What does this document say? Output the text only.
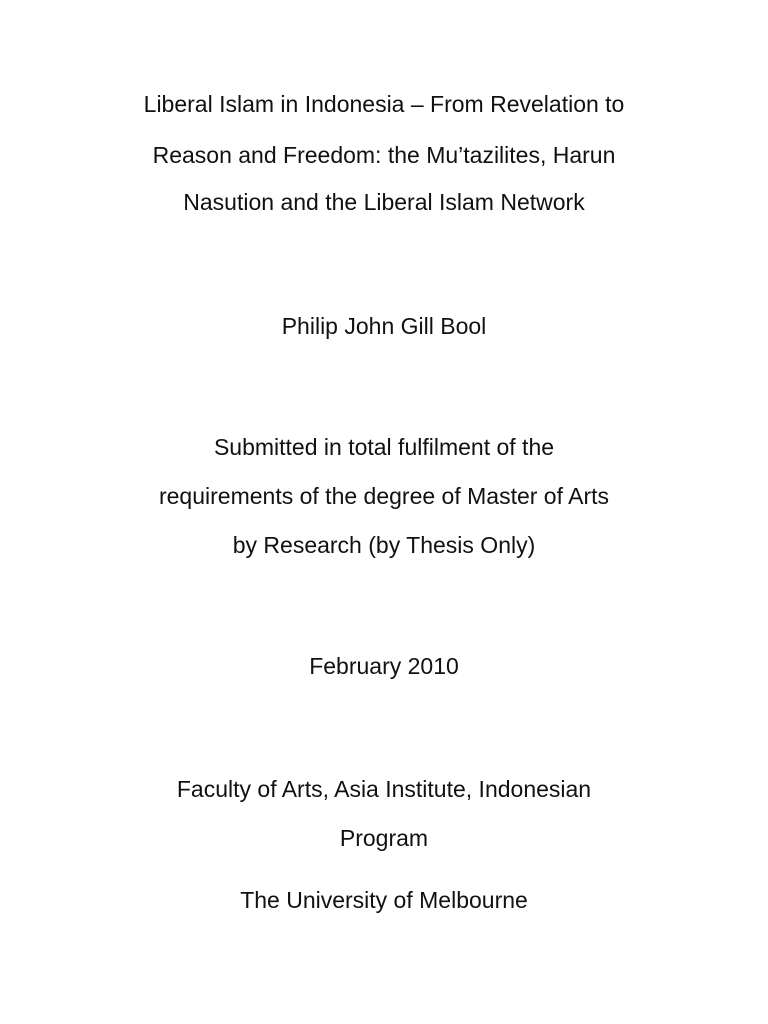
Liberal Islam in Indonesia – From Revelation to
Reason and Freedom: the Mu’tazilites, Harun
Nasution and the Liberal Islam Network
Philip John Gill Bool
Submitted in total fulfilment of the
requirements of the degree of Master of Arts
by Research (by Thesis Only)
February 2010
Faculty of Arts, Asia Institute, Indonesian
Program
The University of Melbourne
